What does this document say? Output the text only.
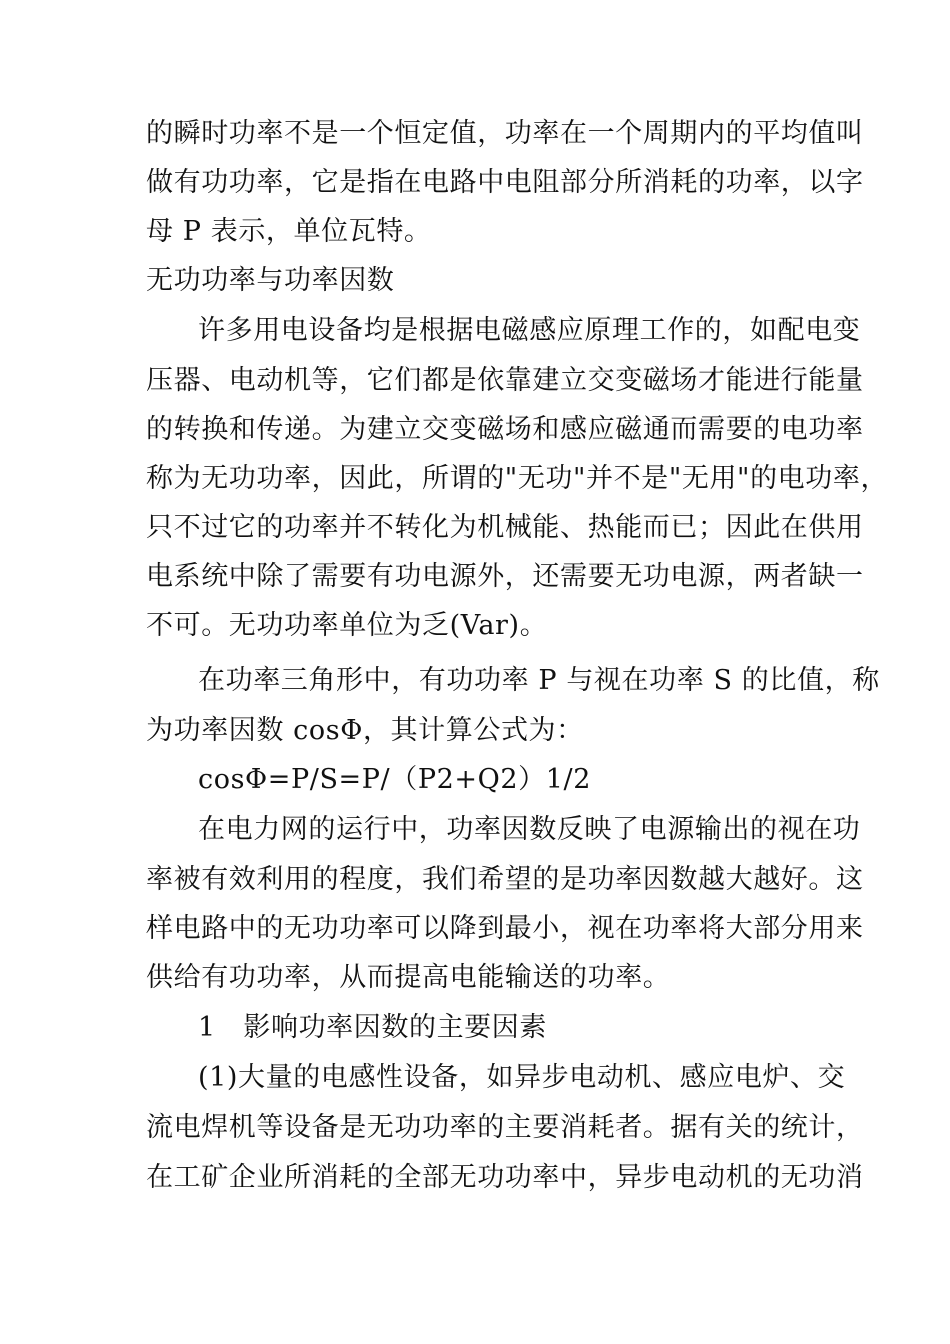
的瞬时功率不是一个恒定值，功率在一个周期内的平均值叫
做有功功率，它是指在电路中电阻部分所消耗的功率，以字
母 P 表示，单位瓦特。
无功功率与功率因数
许多用电设备均是根据电磁感应原理工作的，如配电变
压器、电动机等，它们都是依靠建立交变磁场才能进行能量
的转换和传递。为建立交变磁场和感应磁通而需要的电功率
称为无功功率，因此，所谓的"无功"并不是"无用"的电功率，
只不过它的功率并不转化为机械能、热能而已；因此在供用
电系统中除了需要有功电源外，还需要无功电源，两者缺一
不可。无功功率单位为乏(Var)。
在功率三角形中，有功功率 P 与视在功率 S 的比值，称
为功率因数 cosΦ，其计算公式为：
cosΦ=P/S=P/（P2+Q2）1/2
在电力网的运行中，功率因数反映了电源输出的视在功
率被有效利用的程度，我们希望的是功率因数越大越好。这
样电路中的无功功率可以降到最小，视在功率将大部分用来
供给有功功率，从而提高电能输送的功率。
1　影响功率因数的主要因素
(1)大量的电感性设备，如异步电动机、感应电炉、交
流电焊机等设备是无功功率的主要消耗者。据有关的统计，
在工矿企业所消耗的全部无功功率中，异步电动机的无功消
